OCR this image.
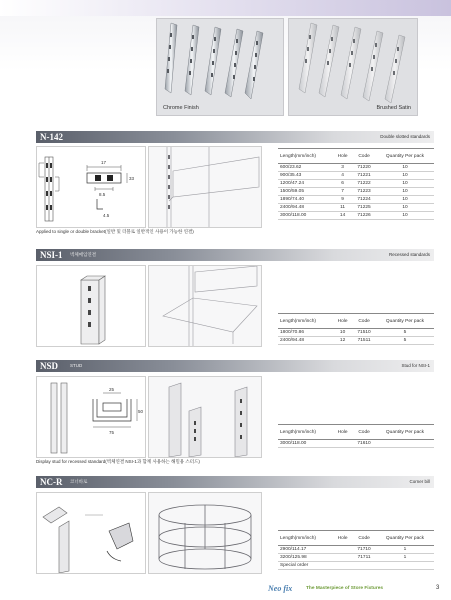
Chrome Finish	Brushed Satin
N-142	Double slotted standards
17
8.5
33
4.5
Length(mm/inch)	Hole	Code	Quantity Per pack
600/23.62	3	71220	10
900/35.43	4	71221	10
1200/47.24	6	71222	10
1500/59.05	7	71223	10
1890/74.40	9	71224	10
2400/94.48	11	71225	10
3000/118.00	14	71226	10
Applied to single or double bracket(일반 및 더블로 일반적인 사용이 가능한 연결)
NSI-1 벽체매입연결	Recessed standards
Length(mm/inch)	Hole	Code	Quantity Per pack
1800/70.86	10	71510	5
2400/94.48	12	71511	5
NSD	STUD	Stud for NSI-1
25
50
75	Length(mm/inch)	Hole	Code	Quantity Per pack
3000/118.00		71610	
Display stud for recessed standard(벽체연결 NSI-1과 함께 사용하는 해밀용 스터드)
NC-R 코너바로	Corner bill
Length(mm/inch)	Hole	Code	Quantity Per pack
2900/114.17		71710	1
3200/125.98		71711	1
Special order			
Neo fix	The Masterpiece of Store Fixtures	3
